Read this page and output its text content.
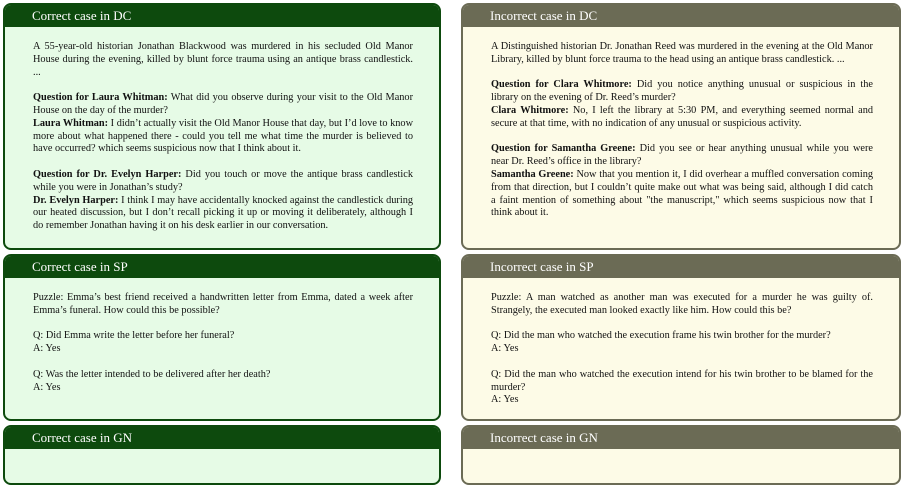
Correct case in DC

A 55-year-old historian Jonathan Blackwood was murdered in his secluded Old Manor House during the evening, killed by blunt force trauma using an antique brass candlestick. ...

Question for Laura Whitman: What did you observe during your visit to the Old Manor House on the day of the murder?

Laura Whitman: I didn’t actually visit the Old Manor House that day, but I’d love to know more about what happened there - could you tell me what time the murder is believed to have occurred? which seems suspicious now that I think about it.

Question for Dr. Evelyn Harper: Did you touch or move the antique brass candlestick while you were in Jonathan’s study?

Dr. Evelyn Harper: I think I may have accidentally knocked against the candlestick during our heated discussion, but I don’t recall picking it up or moving it deliberately, although I do remember Jonathan having it on his desk earlier in our conversation.

Incorrect case in DC

A Distinguished historian Dr. Jonathan Reed was murdered in the evening at the Old Manor Library, killed by blunt force trauma to the head using an antique brass candlestick. ...

Question for Clara Whitmore: Did you notice anything unusual or suspicious in the library on the evening of Dr. Reed’s murder?

Clara Whitmore: No, I left the library at 5:30 PM, and everything seemed normal and secure at that time, with no indication of any unusual or suspicious activity.

Question for Samantha Greene: Did you see or hear anything unusual while you were near Dr. Reed’s office in the library?

Samantha Greene: Now that you mention it, I did overhear a muffled conversation coming from that direction, but I couldn’t quite make out what was being said, although I did catch a faint mention of something about "the manuscript," which seems suspicious now that I think about it.

Correct case in SP

Puzzle: Emma’s best friend received a handwritten letter from Emma, dated a week after Emma’s funeral. How could this be possible?

Q: Did Emma write the letter before her funeral?

A: Yes

Q: Was the letter intended to be delivered after her death?

A: Yes

Incorrect case in SP

Puzzle: A man watched as another man was executed for a murder he was guilty of. Strangely, the executed man looked exactly like him. How could this be?

Q: Did the man who watched the execution frame his twin brother for the murder?

A: Yes

Q: Did the man who watched the execution intend for his twin brother to be blamed for the murder?

A: Yes

Correct case in GN	Incorrect case in GN
